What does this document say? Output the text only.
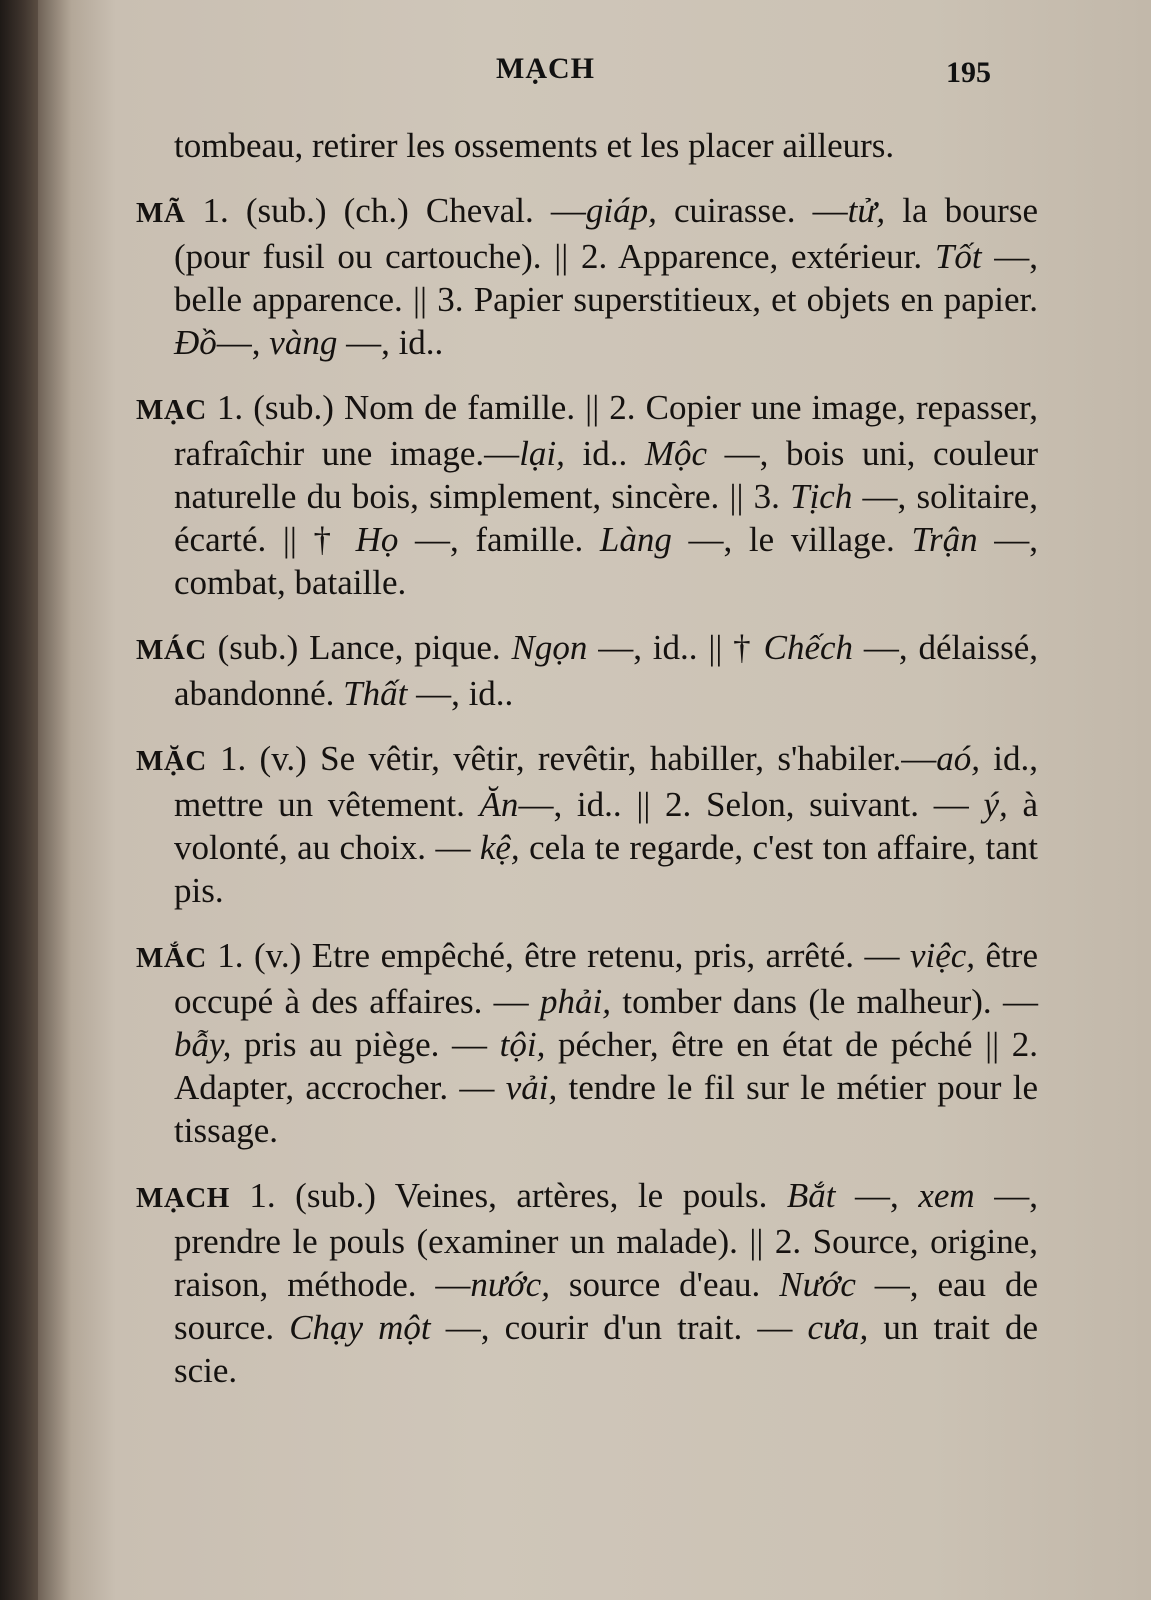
MẠCH	195

tombeau, retirer les ossements et les placer ailleurs.

MÃ 1. (sub.) (ch.) Cheval. —giáp, cuirasse. —tử, la bourse (pour fusil ou cartouche). || 2. Apparence, extérieur. Tốt —, belle apparence. || 3. Papier superstitieux, et objets en papier. Đồ—, vàng —, id..

MẠC 1. (sub.) Nom de famille. || 2. Copier une image, repasser, rafraîchir une image.—lại, id.. Mộc —, bois uni, couleur naturelle du bois, simplement, sincère. || 3. Tịch —, solitaire, écarté. || † Họ —, famille. Làng —, le village. Trận —, combat, bataille.

MÁC (sub.) Lance, pique. Ngọn —, id.. || † Chếch —, délaissé, abandonné. Thất —, id..

MẶC 1. (v.) Se vêtir, vêtir, revêtir, habiller, s'habiler.—aó, id., mettre un vêtement. Ăn—, id.. || 2. Selon, suivant. — ý, à volonté, au choix. — kệ, cela te regarde, c'est ton affaire, tant pis.

MẮC 1. (v.) Etre empêché, être retenu, pris, arrêté. — việc, être occupé à des affaires. — phải, tomber dans (le malheur). — bẫy, pris au piège. — tội, pécher, être en état de péché || 2. Adapter, accrocher. — vải, tendre le fil sur le métier pour le tissage.

MẠCH 1. (sub.) Veines, artères, le pouls. Bắt —, xem —, prendre le pouls (examiner un malade). || 2. Source, origine, raison, méthode. —nước, source d'eau. Nước —, eau de source. Chạy một —, courir d'un trait. — cưa, un trait de scie.
